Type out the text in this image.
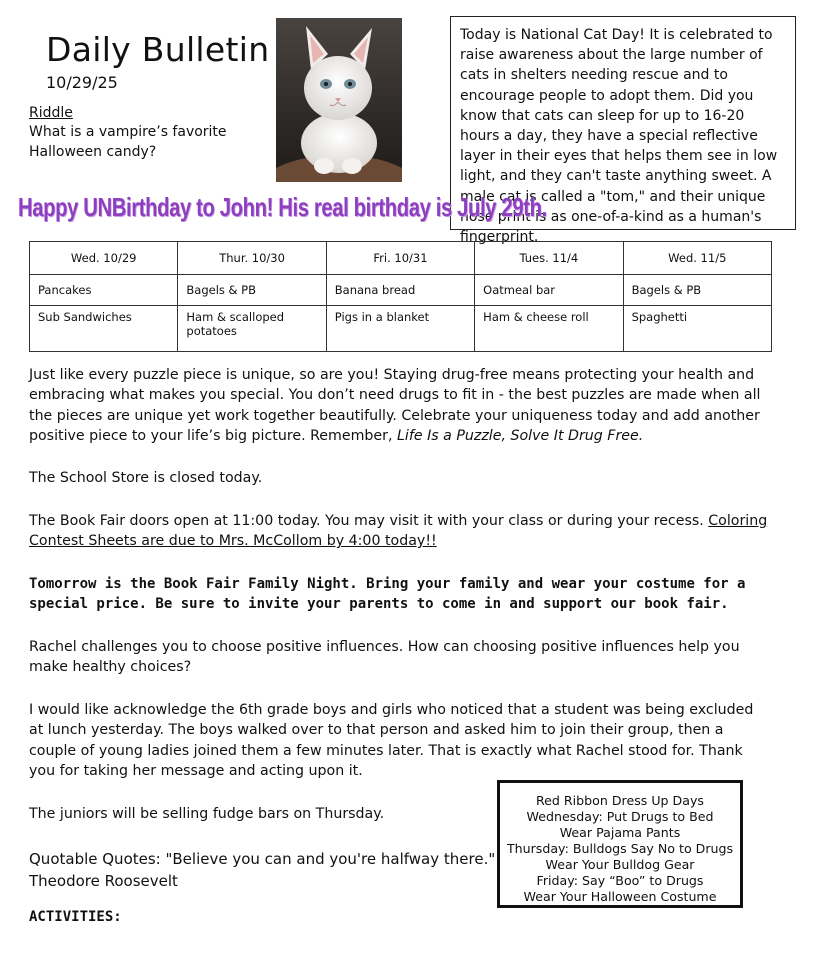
Daily Bulletin
10/29/25
Riddle
What is a vampire’s favorite Halloween candy?
Today is National Cat Day! It is celebrated to raise awareness about the large number of cats in shelters needing rescue and to encourage people to adopt them. Did you know that cats can sleep for up to 16-20 hours a day, they have a special reflective layer in their eyes that helps them see in low light, and they can't taste anything sweet. A male cat is called a "tom," and their unique nose print is as one-of-a-kind as a human's fingerprint.
Happy UNBirthday to John! His real birthday is July 29th.
Wed. 10/29	Thur. 10/30	Fri. 10/31	Tues. 11/4	Wed. 11/5
Pancakes	Bagels & PB	Banana bread	Oatmeal bar	Bagels & PB
Sub Sandwiches	Ham & scalloped potatoes	Pigs in a blanket	Ham & cheese roll	Spaghetti
Just like every puzzle piece is unique, so are you! Staying drug-free means protecting your health and embracing what makes you special. You don’t need drugs to fit in - the best puzzles are made when all the pieces are unique yet work together beautifully. Celebrate your uniqueness today and add another positive piece to your life’s big picture. Remember, Life Is a Puzzle, Solve It Drug Free.
The School Store is closed today.
The Book Fair doors open at 11:00 today. You may visit it with your class or during your recess. Coloring Contest Sheets are due to Mrs. McCollom by 4:00 today!!
Tomorrow is the Book Fair Family Night. Bring your family and wear your costume for a special price. Be sure to invite your parents to come in and support our book fair.
Rachel challenges you to choose positive influences. How can choosing positive influences help you make healthy choices?
I would like acknowledge the 6th grade boys and girls who noticed that a student was being excluded at lunch yesterday. The boys walked over to that person and asked him to join their group, then a couple of young ladies joined them a few minutes later. That is exactly what Rachel stood for. Thank you for taking her message and acting upon it.
The juniors will be selling fudge bars on Thursday.
Quotable Quotes: "Believe you can and you're halfway there."
Theodore Roosevelt
ACTIVITIES:
Red Ribbon Dress Up Days
Wednesday: Put Drugs to Bed
Wear Pajama Pants
Thursday: Bulldogs Say No to Drugs
Wear Your Bulldog Gear
Friday: Say “Boo” to Drugs
Wear Your Halloween Costume
